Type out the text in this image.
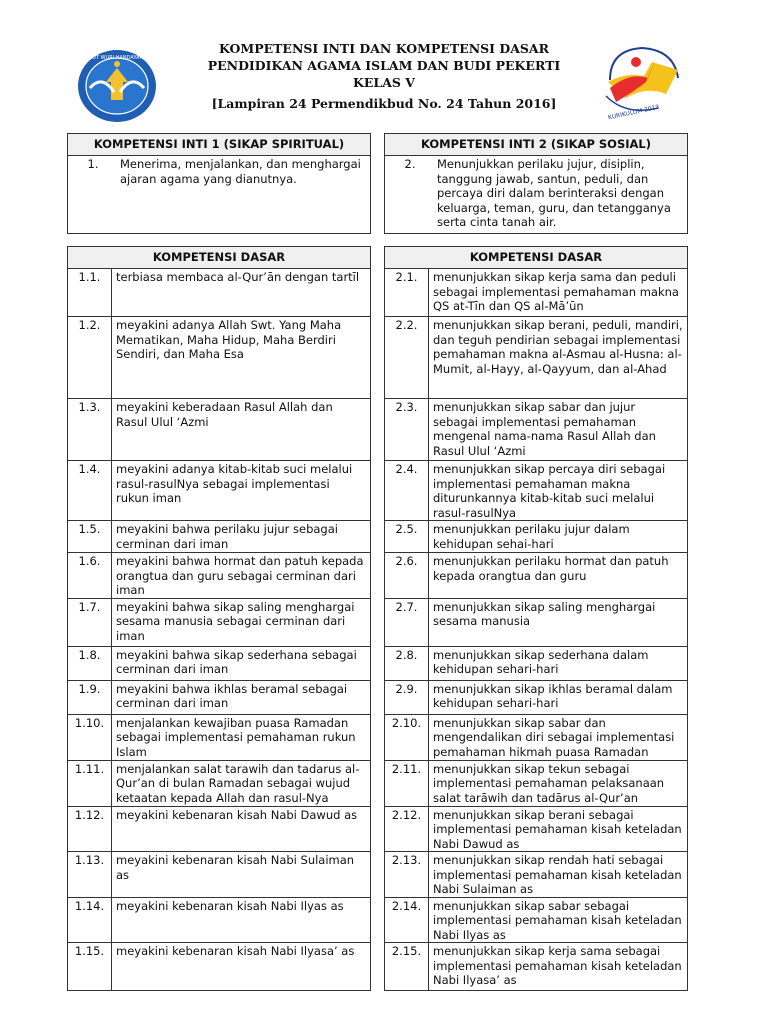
KOMPETENSI INTI DAN KOMPETENSI DASAR
PENDIDIKAN AGAMA ISLAM DAN BUDI PEKERTI
KELAS V
[Lampiran 24 Permendikbud No. 24 Tahun 2016]
TUT WURI HANDAYANI
KURIKULUM 2013
KOMPETENSI INTI 1 (SIKAP SPIRITUAL)		KOMPETENSI INTI 2 (SIKAP SOSIAL)

1. Menerima, menjalankan, dan menghargai ajaran agama yang dianutnya.		2. Menunjukkan perilaku jujur, disiplin, tanggung jawab, santun, peduli, dan percaya diri dalam berinteraksi dengan keluarga, teman, guru, dan tetangganya serta cinta tanah air.
KOMPETENSI DASAR			KOMPETENSI DASAR	
1.1.	terbiasa membaca al-Qur’ān dengan tartīl		2.1.	menunjukkan sikap kerja sama dan peduli sebagai implementasi pemahaman makna QS at-Tīn dan QS al-Mā’ūn
1.2.	meyakini adanya Allah Swt. Yang Maha Mematikan, Maha Hidup, Maha Berdiri Sendiri, dan Maha Esa		2.2.	menunjukkan sikap berani, peduli, mandiri, dan teguh pendirian sebagai implementasi pemahaman makna al-Asmau al-Husna: al-Mumit, al-Hayy, al-Qayyum, dan al-Ahad
1.3.	meyakini keberadaan Rasul Allah dan Rasul Ulul ‘Azmi		2.3.	menunjukkan sikap sabar dan jujur sebagai implementasi pemahaman mengenal nama-nama Rasul Allah dan Rasul Ulul ‘Azmi
1.4.	meyakini adanya kitab-kitab suci melalui rasul-rasulNya sebagai implementasi rukun iman		2.4.	menunjukkan sikap percaya diri sebagai implementasi pemahaman makna diturunkannya kitab-kitab suci melalui rasul-rasulNya
1.5.	meyakini bahwa perilaku jujur sebagai cerminan dari iman		2.5.	menunjukkan perilaku jujur dalam kehidupan sehai-hari
1.6.	meyakini bahwa hormat dan patuh kepada orangtua dan guru sebagai cerminan dari iman		2.6.	menunjukkan perilaku hormat dan patuh kepada orangtua dan guru
1.7.	meyakini bahwa sikap saling menghargai sesama manusia sebagai cerminan dari iman		2.7.	menunjukkan sikap saling menghargai sesama manusia
1.8.	meyakini bahwa sikap sederhana sebagai cerminan dari iman		2.8.	menunjukkan sikap sederhana dalam kehidupan sehari-hari
1.9.	meyakini bahwa ikhlas beramal sebagai cerminan dari iman		2.9.	menunjukkan sikap ikhlas beramal dalam kehidupan sehari-hari
1.10.	menjalankan kewajiban puasa Ramadan sebagai implementasi pemahaman rukun Islam		2.10.	menunjukkan sikap sabar dan mengendalikan diri sebagai implementasi pemahaman hikmah puasa Ramadan
1.11.	menjalankan salat tarawih dan tadarus al-Qur’an di bulan Ramadan sebagai wujud ketaatan kepada Allah dan rasul-Nya		2.11.	menunjukkan sikap tekun sebagai implementasi pemahaman pelaksanaan salat tarāwih dan tadārus al-Qur’an
1.12.	meyakini kebenaran kisah Nabi Dawud as		2.12.	menunjukkan sikap berani sebagai implementasi pemahaman kisah keteladan Nabi Dawud as
1.13.	meyakini kebenaran kisah Nabi Sulaiman as		2.13.	menunjukkan sikap rendah hati sebagai implementasi pemahaman kisah keteladan Nabi Sulaiman as
1.14.	meyakini kebenaran kisah Nabi Ilyas as		2.14.	menunjukkan sikap sabar sebagai implementasi pemahaman kisah keteladan Nabi Ilyas as
1.15.	meyakini kebenaran kisah Nabi Ilyasa’ as		2.15.	menunjukkan sikap kerja sama sebagai implementasi pemahaman kisah keteladan Nabi Ilyasa’ as
